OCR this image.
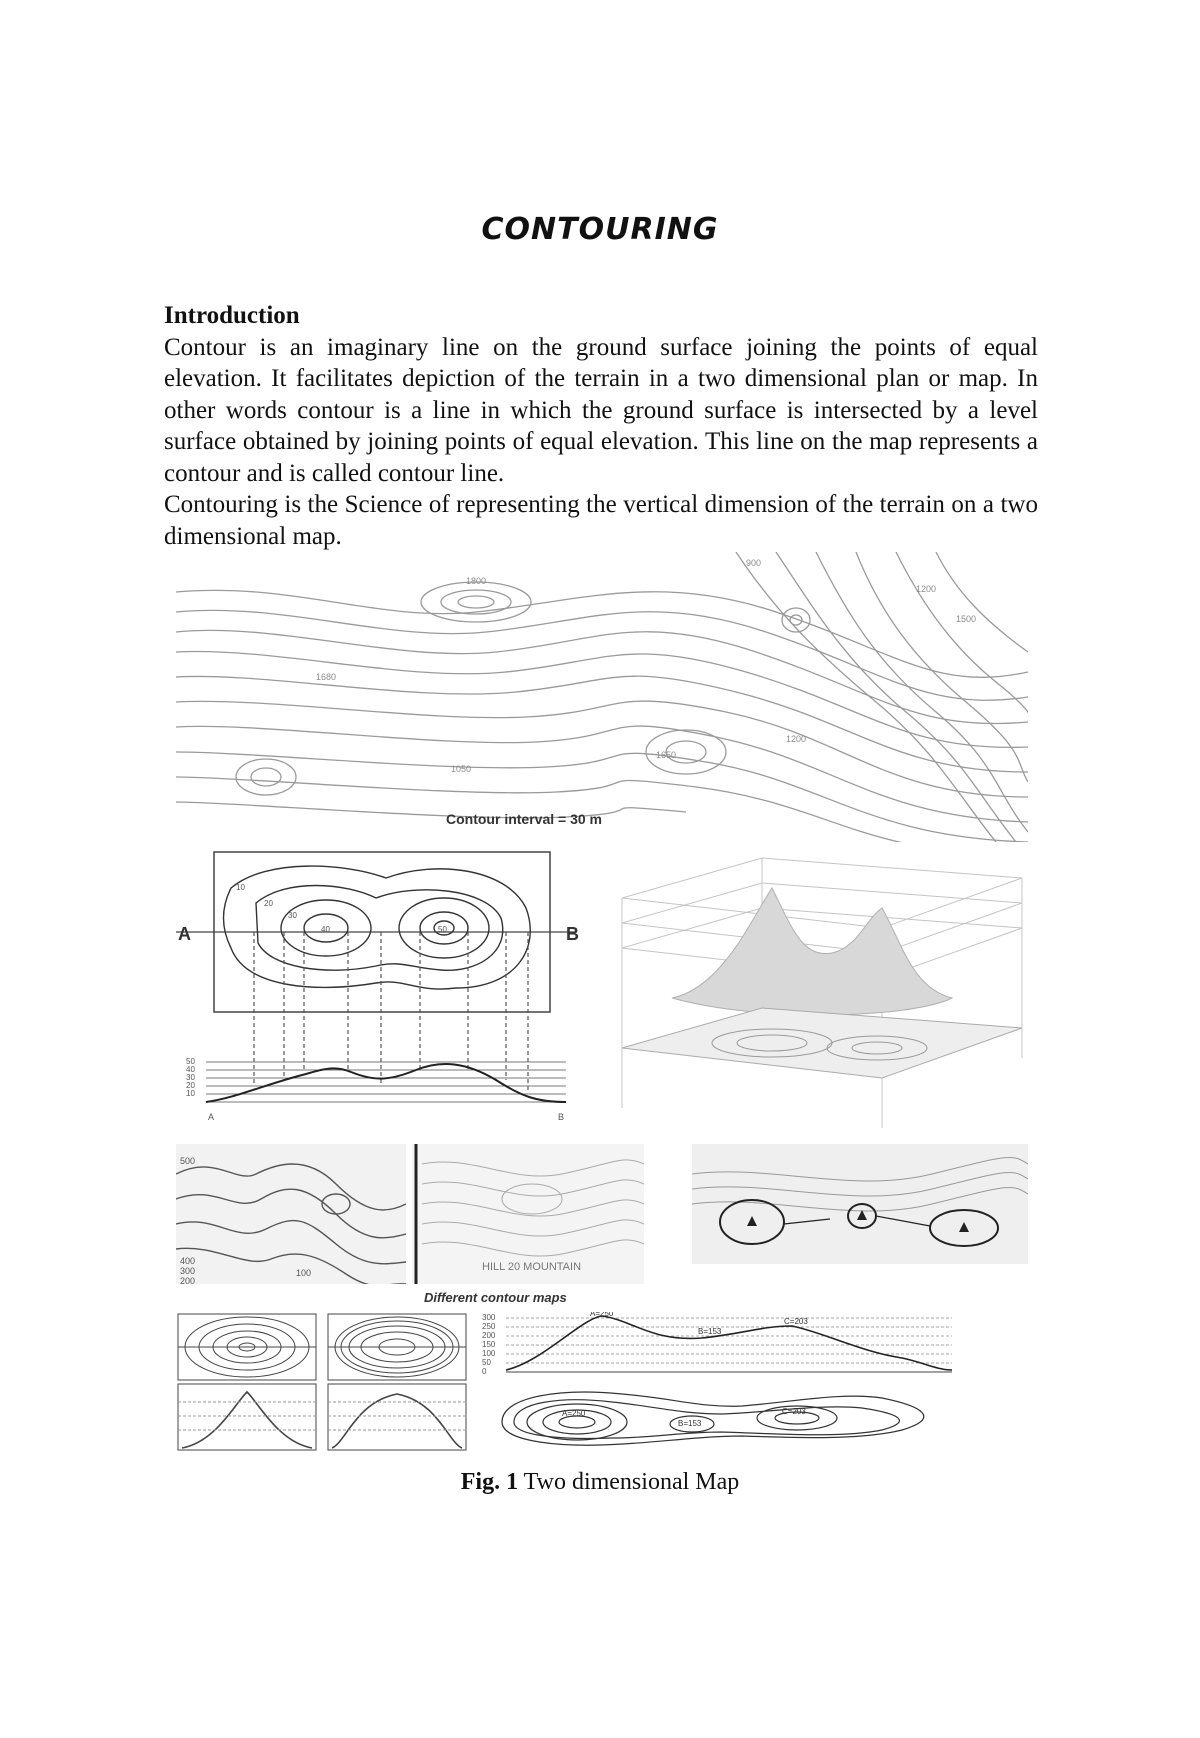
CONTOURING
Introduction

Contour is an imaginary line on the ground surface joining the points of equal elevation. It facilitates depiction of the terrain in a two dimensional plan or map. In other words contour is a line in which the ground surface is intersected by a level surface obtained by joining points of equal elevation. This line on the map represents a contour and is called contour line.

Contouring is the Science of representing the vertical dimension of the terrain on a two dimensional map.

1800
900
1200
1500
1680
1650
1200
1050
Contour interval = 30 m
A	B
50
40
30
20
10
10
20
30
40	50
A	B
500
400
300
200
100	HILL 20 MOUNTAIN
Different contour maps
300
250
200
150
100
50
0
A=250
B=153
C=203
A=250
B=153
C=203
Fig. 1 Two dimensional Map
